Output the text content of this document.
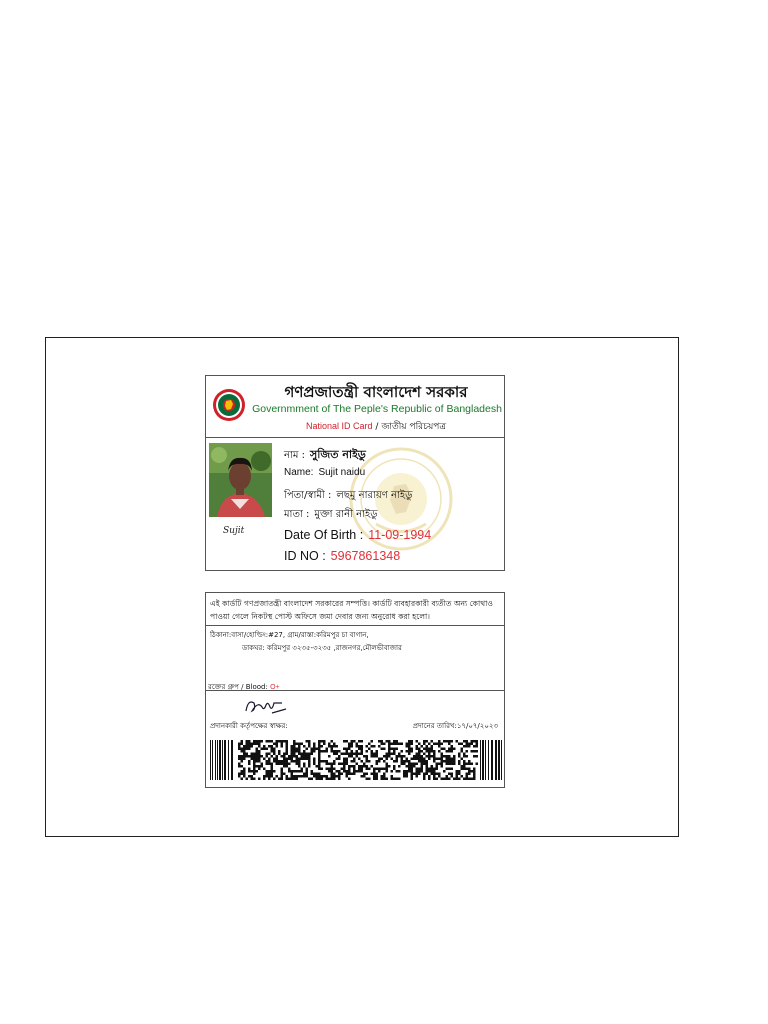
গণপ্রজাতন্ত্রী বাংলাদেশ সরকার
Governmment of The Peple's Republic of Bangladesh
National ID Card / জাতীয় পরিচয়পত্র
Sujit
নাম : সুজিত নাইডু
Name: Sujit naidu
পিতা/স্বামী : লছমু নারায়ণ নাইডু
মাতা : মুক্তা রানী নাইডু
Date Of Birth : 11-09-1994
ID NO : 5967861348
এই কার্ডটি গণপ্রজাতন্ত্রী বাংলাদেশ সরকারের সম্পত্তি। কার্ডটি ব্যবহারকারী ব্যতীত অন্য কোথাও পাওয়া গেলে নিকটস্থ পোস্ট অফিসে জমা দেবার জন্য অনুরোধ করা হলো।
ঠিকানা:বাসা/হোল্ডিং:#27, গ্রাম/রাস্তা:করিমপুর চা বাগান,
ডাকঘর: করিমপুর ৩২৩৫-৩২৩৫ ,রাজনগর,মৌলভীবাজার
রক্তের গ্রুপ / Blood: O+
প্রদানকারী কর্তৃপক্ষের স্বাক্ষর:	প্রদানের তারিখ:১৭/০৭/২০২৩
